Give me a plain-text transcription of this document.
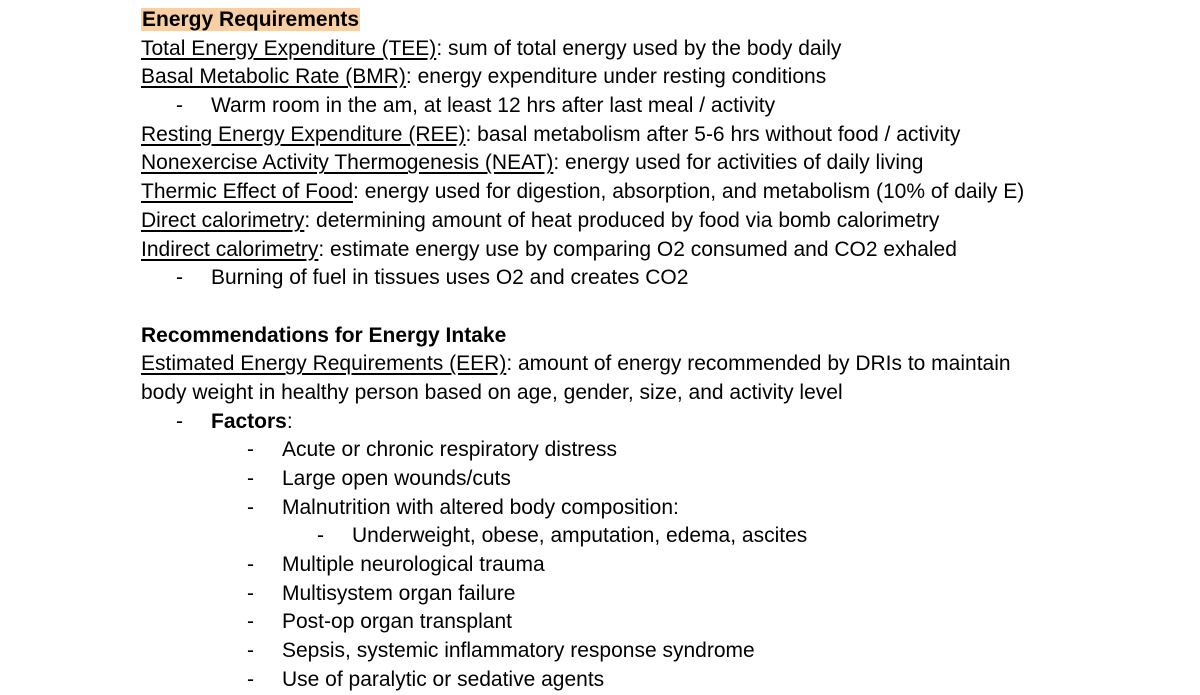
Energy Requirements
Total Energy Expenditure (TEE): sum of total energy used by the body daily
Basal Metabolic Rate (BMR): energy expenditure under resting conditions
- Warm room in the am, at least 12 hrs after last meal / activity
Resting Energy Expenditure (REE): basal metabolism after 5-6 hrs without food / activity
Nonexercise Activity Thermogenesis (NEAT): energy used for activities of daily living
Thermic Effect of Food: energy used for digestion, absorption, and metabolism (10% of daily E)
Direct calorimetry: determining amount of heat produced by food via bomb calorimetry
Indirect calorimetry: estimate energy use by comparing O2 consumed and CO2 exhaled
- Burning of fuel in tissues uses O2 and creates CO2
Recommendations for Energy Intake
Estimated Energy Requirements (EER): amount of energy recommended by DRIs to maintain
body weight in healthy person based on age, gender, size, and activity level
- Factors:
- Acute or chronic respiratory distress
- Large open wounds/cuts
- Malnutrition with altered body composition:
- Underweight, obese, amputation, edema, ascites
- Multiple neurological trauma
- Multisystem organ failure
- Post-op organ transplant
- Sepsis, systemic inflammatory response syndrome
- Use of paralytic or sedative agents
